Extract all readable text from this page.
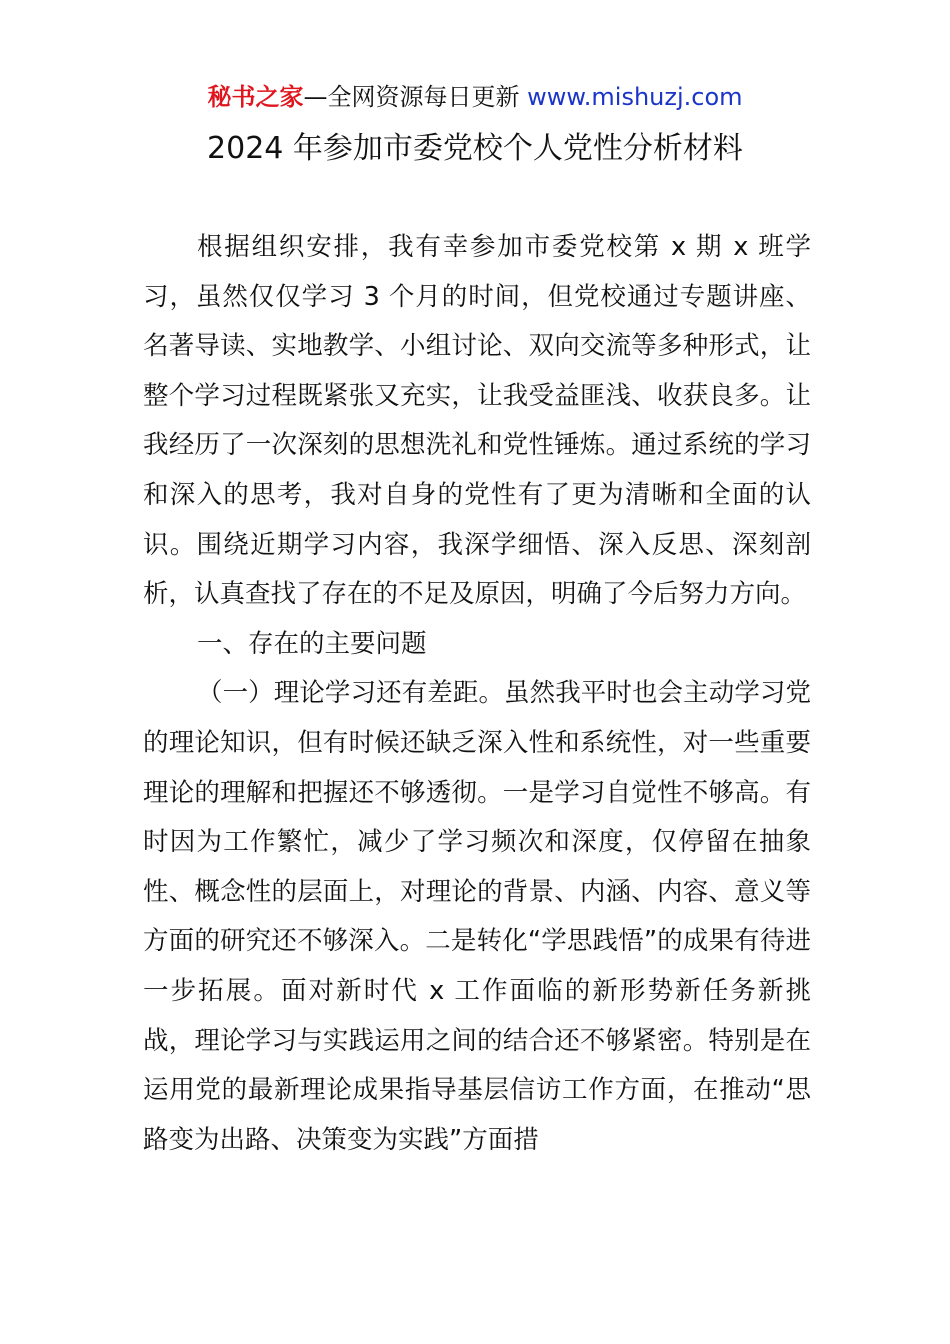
秘书之家—全网资源每日更新 www.mishuzj.com
2024 年参加市委党校个人党性分析材料

根据组织安排，我有幸参加市委党校第 x 期 x 班学习，虽然仅仅学习 3 个月的时间，但党校通过专题讲座、名著导读、实地教学、小组讨论、双向交流等多种形式，让整个学习过程既紧张又充实，让我受益匪浅、收获良多。让我经历了一次深刻的思想洗礼和党性锤炼。通过系统的学习和深入的思考，我对自身的党性有了更为清晰和全面的认识。围绕近期学习内容，我深学细悟、深入反思、深刻剖析，认真查找了存在的不足及原因，明确了今后努力方向。

一、存在的主要问题

（一）理论学习还有差距。虽然我平时也会主动学习党的理论知识，但有时候还缺乏深入性和系统性，对一些重要理论的理解和把握还不够透彻。一是学习自觉性不够高。有时因为工作繁忙，减少了学习频次和深度，仅停留在抽象性、概念性的层面上，对理论的背景、内涵、内容、意义等方面的研究还不够深入。二是转化“学思践悟”的成果有待进一步拓展。面对新时代 x 工作面临的新形势新任务新挑战，理论学习与实践运用之间的结合还不够紧密。特别是在运用党的最新理论成果指导基层信访工作方面，在推动“思路变为出路、决策变为实践”方面措
